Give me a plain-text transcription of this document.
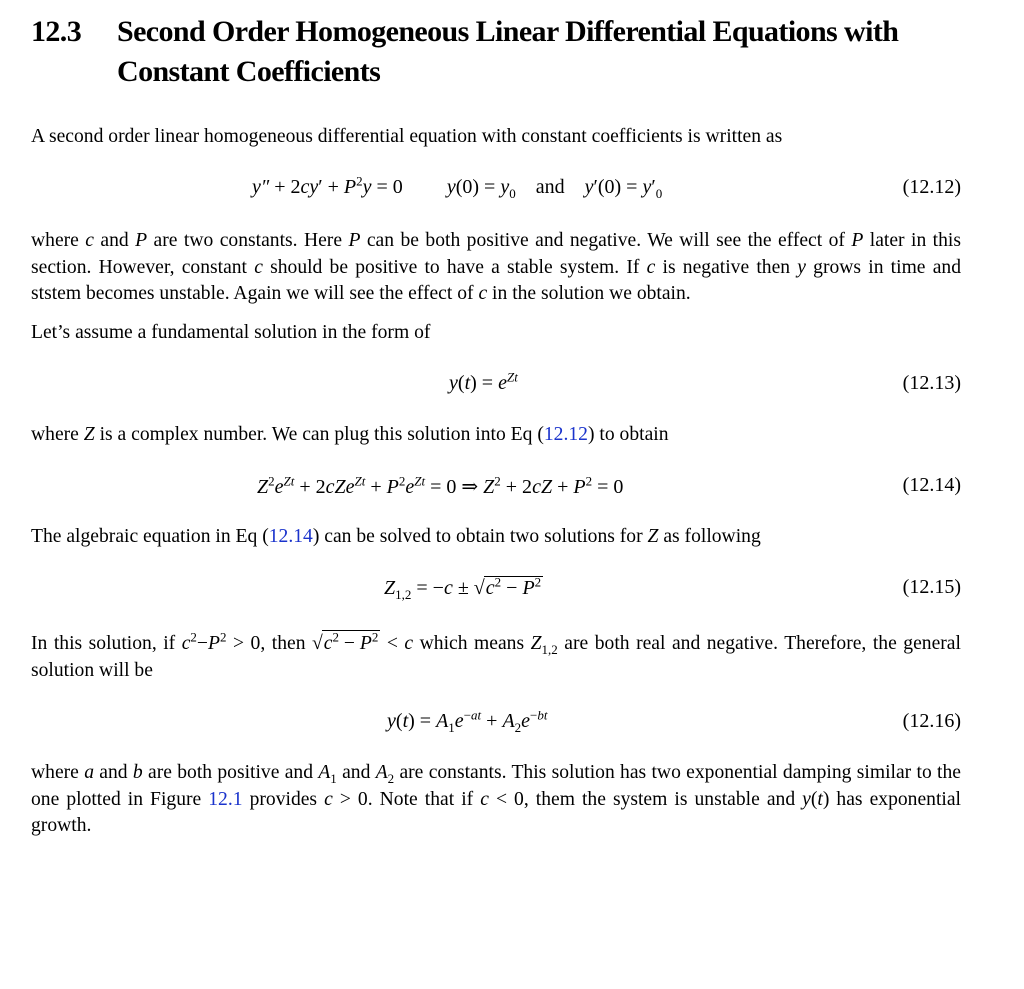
12.3 Second Order Homogeneous Linear Differential Equations with Constant Coefficients
A second order linear homogeneous differential equation with constant coefficients is written as
$y'' + 2cy' + P^2y = 0$  $y(0) = y_0$ and $y'(0) = y'_0$	(12.12)
where c and P are two constants. Here P can be both positive and negative. We will see the effect of P later in this section. However, constant c should be positive to have a stable system. If c is negative then y grows in time and ststem becomes unstable. Again we will see the effect of c in the solution we obtain.
Let’s assume a fundamental solution in the form of
$y(t) = e^{Zt}$	(12.13)
where Z is a complex number. We can plug this solution into Eq (12.12) to obtain
$Z^2e^{Zt} + 2cZe^{Zt} + P^2e^{Zt} = 0$ ⇒ $Z^2 + 2cZ + P^2 = 0$	(12.14)
The algebraic equation in Eq (12.14) can be solved to obtain two solutions for Z as following
$Z_{1,2} = -c \pm √c^2 - P^2$	(12.15)
In this solution, if $c^2-P^2 > 0$, then $√c^2 - P^2 < c$ which means $Z_{1,2}$ are both real and negative. Therefore, the general solution will be
$y(t) = A_1e^{-at} + A_2e^{-bt}$	(12.16)
where a and b are both positive and $A_1$ and $A_2$ are constants. This solution has two exponential damping similar to the one plotted in Figure 12.1 provides c > 0. Note that if c < 0, them the system is unstable and y(t) has exponential growth.
